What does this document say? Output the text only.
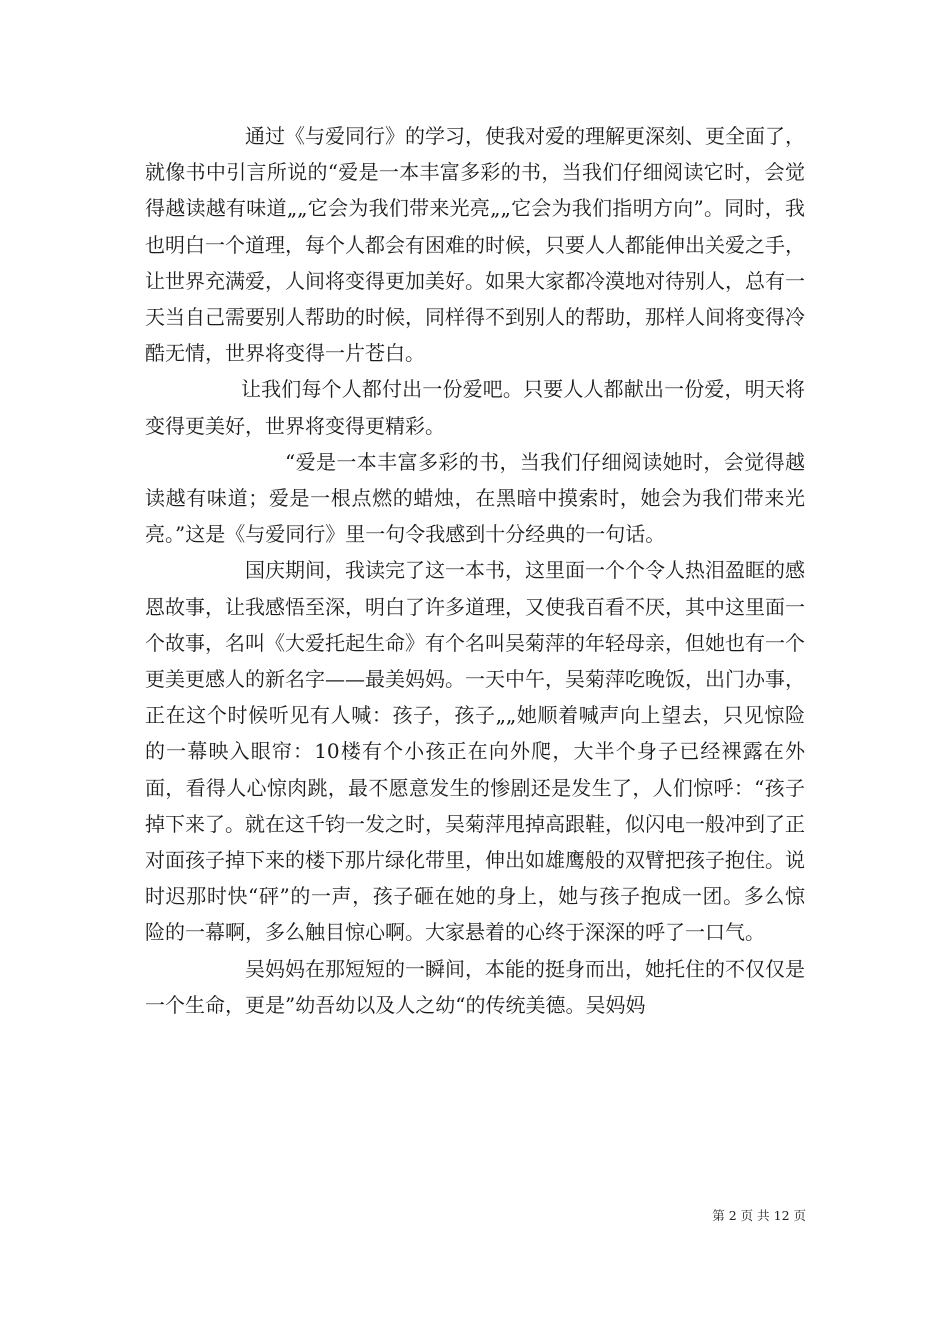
通过《与爱同行》的学习，使我对爱的理解更深刻、更全面了，就像书中引言所说的“爱是一本丰富多彩的书，当我们仔细阅读它时，会觉得越读越有味道„„它会为我们带来光亮„„它会为我们指明方向”。同时，我也明白一个道理，每个人都会有困难的时候，只要人人都能伸出关爱之手，让世界充满爱，人间将变得更加美好。如果大家都冷漠地对待别人，总有一天当自己需要别人帮助的时候，同样得不到别人的帮助，那样人间将变得冷酷无情，世界将变得一片苍白。

让我们每个人都付出一份爱吧。只要人人都献出一份爱，明天将变得更美好，世界将变得更精彩。

“爱是一本丰富多彩的书，当我们仔细阅读她时，会觉得越读越有味道；爱是一根点燃的蜡烛，在黑暗中摸索时，她会为我们带来光亮。”这是《与爱同行》里一句令我感到十分经典的一句话。

国庆期间，我读完了这一本书，这里面一个个令人热泪盈眶的感恩故事，让我感悟至深，明白了许多道理，又使我百看不厌，其中这里面一个故事，名叫《大爱托起生命》有个名叫吴菊萍的年轻母亲，但她也有一个更美更感人的新名字——最美妈妈。一天中午，吴菊萍吃晚饭，出门办事，正在这个时候听见有人喊：孩子，孩子„„她顺着喊声向上望去，只见惊险的一幕映入眼帘：10楼有个小孩正在向外爬，大半个身子已经裸露在外面，看得人心惊肉跳，最不愿意发生的惨剧还是发生了，人们惊呼：“孩子掉下来了。就在这千钧一发之时，吴菊萍甩掉高跟鞋，似闪电一般冲到了正对面孩子掉下来的楼下那片绿化带里，伸出如雄鹰般的双臂把孩子抱住。说时迟那时快“砰”的一声，孩子砸在她的身上，她与孩子抱成一团。多么惊险的一幕啊，多么触目惊心啊。大家悬着的心终于深深的呼了一口气。

吴妈妈在那短短的一瞬间，本能的挺身而出，她托住的不仅仅是一个生命，更是”幼吾幼以及人之幼“的传统美德。吴妈妈

第 2 页 共 12 页
